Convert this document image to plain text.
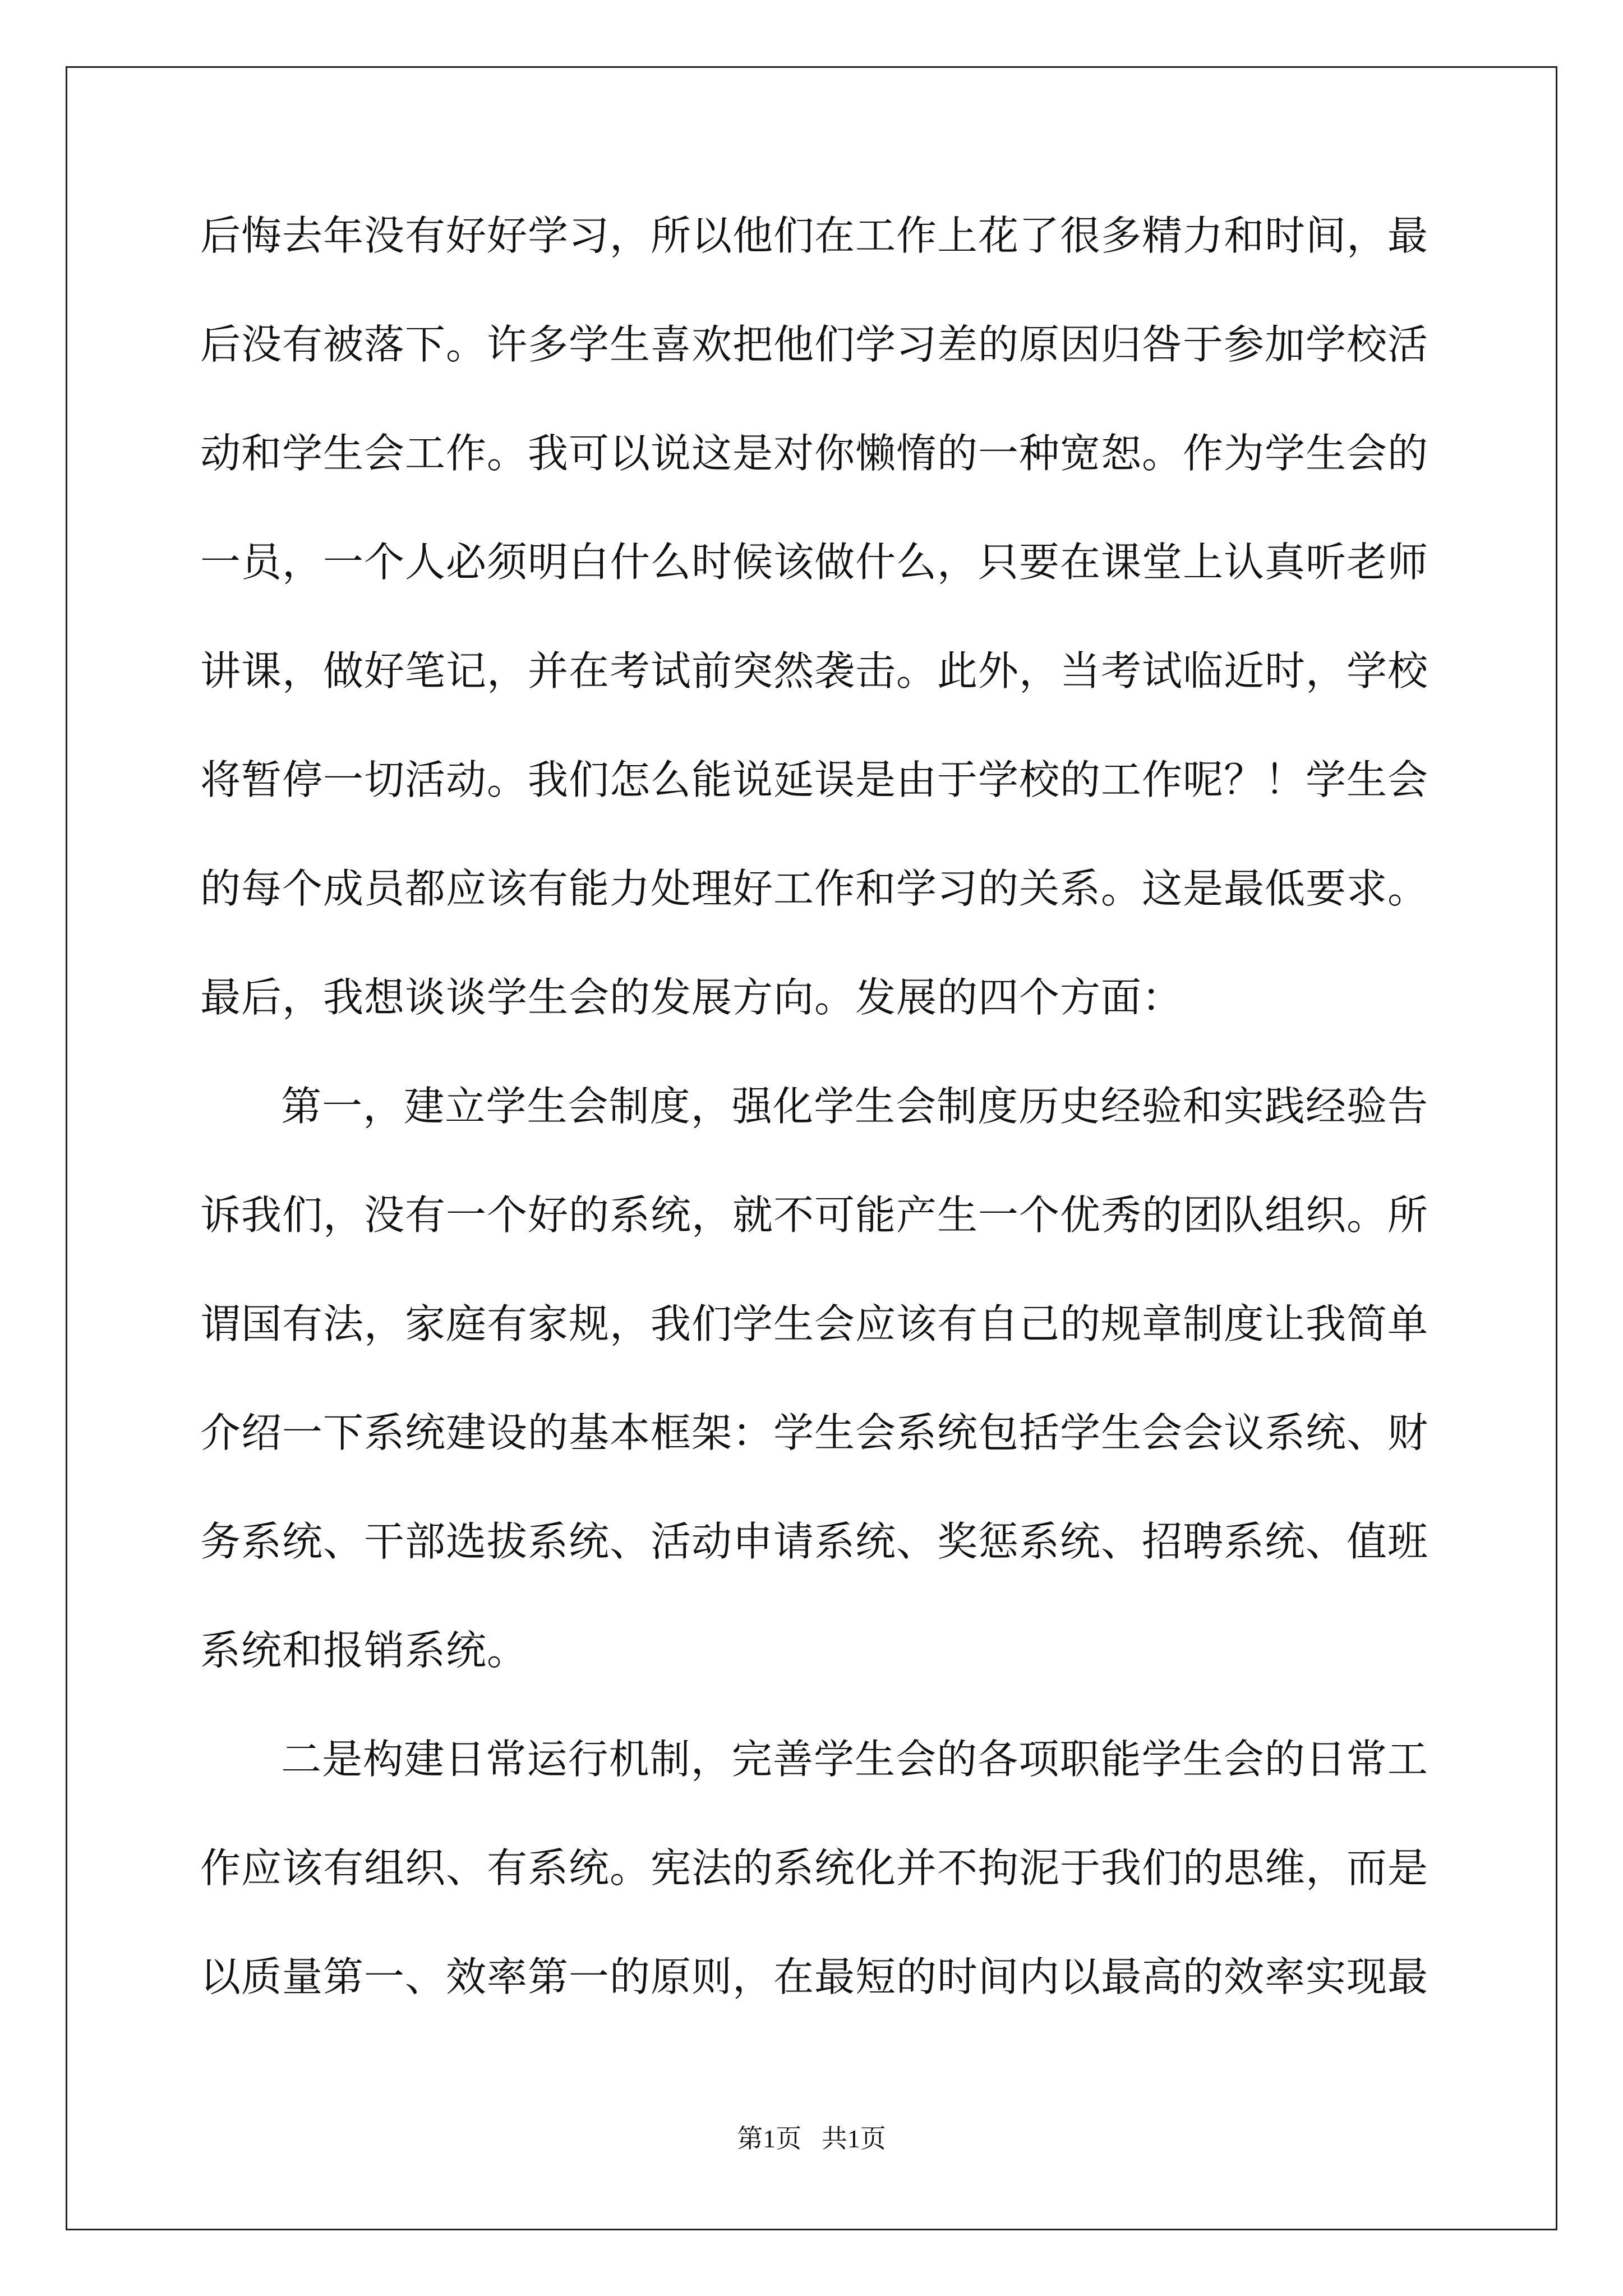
后悔去年没有好好学习，所以他们在工作上花了很多精力和时间，最
后没有被落下。许多学生喜欢把他们学习差的原因归咎于参加学校活
动和学生会工作。我可以说这是对你懒惰的一种宽恕。作为学生会的
一员，一个人必须明白什么时候该做什么，只要在课堂上认真听老师
讲课，做好笔记，并在考试前突然袭击。此外，当考试临近时，学校
将暂停一切活动。我们怎么能说延误是由于学校的工作呢？！学生会
的每个成员都应该有能力处理好工作和学习的关系。这是最低要求。
最后，我想谈谈学生会的发展方向。发展的四个方面：
第一，建立学生会制度，强化学生会制度历史经验和实践经验告
诉我们，没有一个好的系统，就不可能产生一个优秀的团队组织。所
谓国有法，家庭有家规，我们学生会应该有自己的规章制度让我简单
介绍一下系统建设的基本框架：学生会系统包括学生会会议系统、财
务系统、干部选拔系统、活动申请系统、奖惩系统、招聘系统、值班
系统和报销系统。
二是构建日常运行机制，完善学生会的各项职能学生会的日常工
作应该有组织、有系统。宪法的系统化并不拘泥于我们的思维，而是
以质量第一、效率第一的原则，在最短的时间内以最高的效率实现最
第1页 共1页
